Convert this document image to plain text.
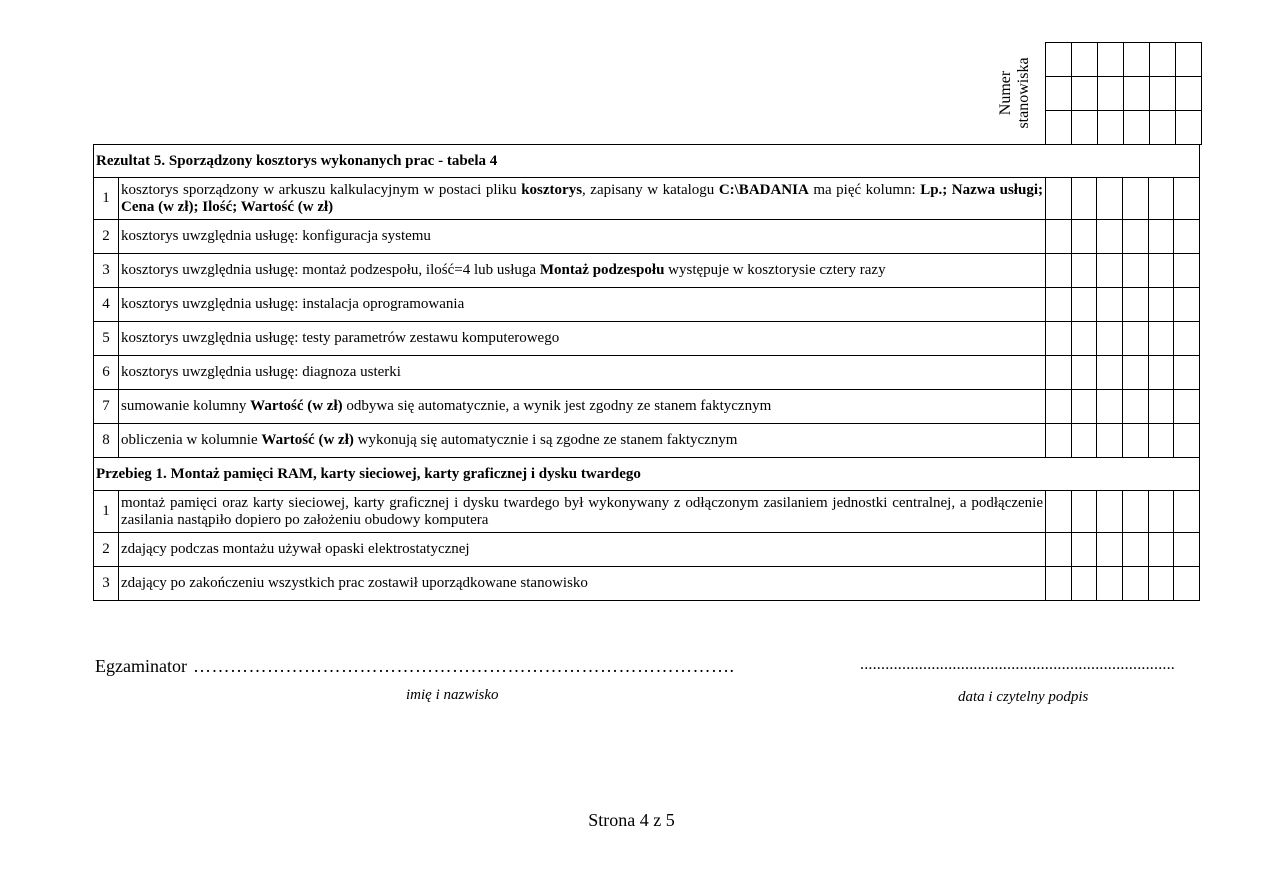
Numer stanowiska

Rezultat 5. Sporządzony kosztorys wykonanych prac - tabela 4							
1	kosztorys sporządzony w arkuszu kalkulacyjnym w postaci pliku kosztorys, zapisany w katalogu C:\BADANIA ma pięć kolumn: Lp.; Nazwa usługi; Cena (w zł); Ilość; Wartość (w zł)						
2	kosztorys uwzględnia usługę: konfiguracja systemu						
3	kosztorys uwzględnia usługę: montaż podzespołu, ilość=4 lub usługa Montaż podzespołu występuje w kosztorysie cztery razy						
4	kosztorys uwzględnia usługę: instalacja oprogramowania						
5	kosztorys uwzględnia usługę: testy parametrów zestawu komputerowego						
6	kosztorys uwzględnia usługę: diagnoza usterki						
7	sumowanie kolumny Wartość (w zł) odbywa się automatycznie, a wynik jest zgodny ze stanem faktycznym						
8	obliczenia w kolumnie Wartość (w zł) wykonują się automatycznie i są zgodne ze stanem faktycznym						
Przebieg 1. Montaż pamięci RAM, karty sieciowej, karty graficznej i dysku twardego							
1	montaż pamięci oraz karty sieciowej, karty graficznej i dysku twardego był wykonywany z odłączonym zasilaniem jednostki centralnej, a podłączenie zasilania nastąpiło dopiero po założeniu obudowy komputera						
2	zdający podczas montażu używał opaski elektrostatycznej						
3	zdający po zakończeniu wszystkich prac zostawił uporządkowane stanowisko						
Egzaminator …………………………………………………………………………….	...........................................................................
imię i nazwisko	data i czytelny podpis
Strona 4 z 5
